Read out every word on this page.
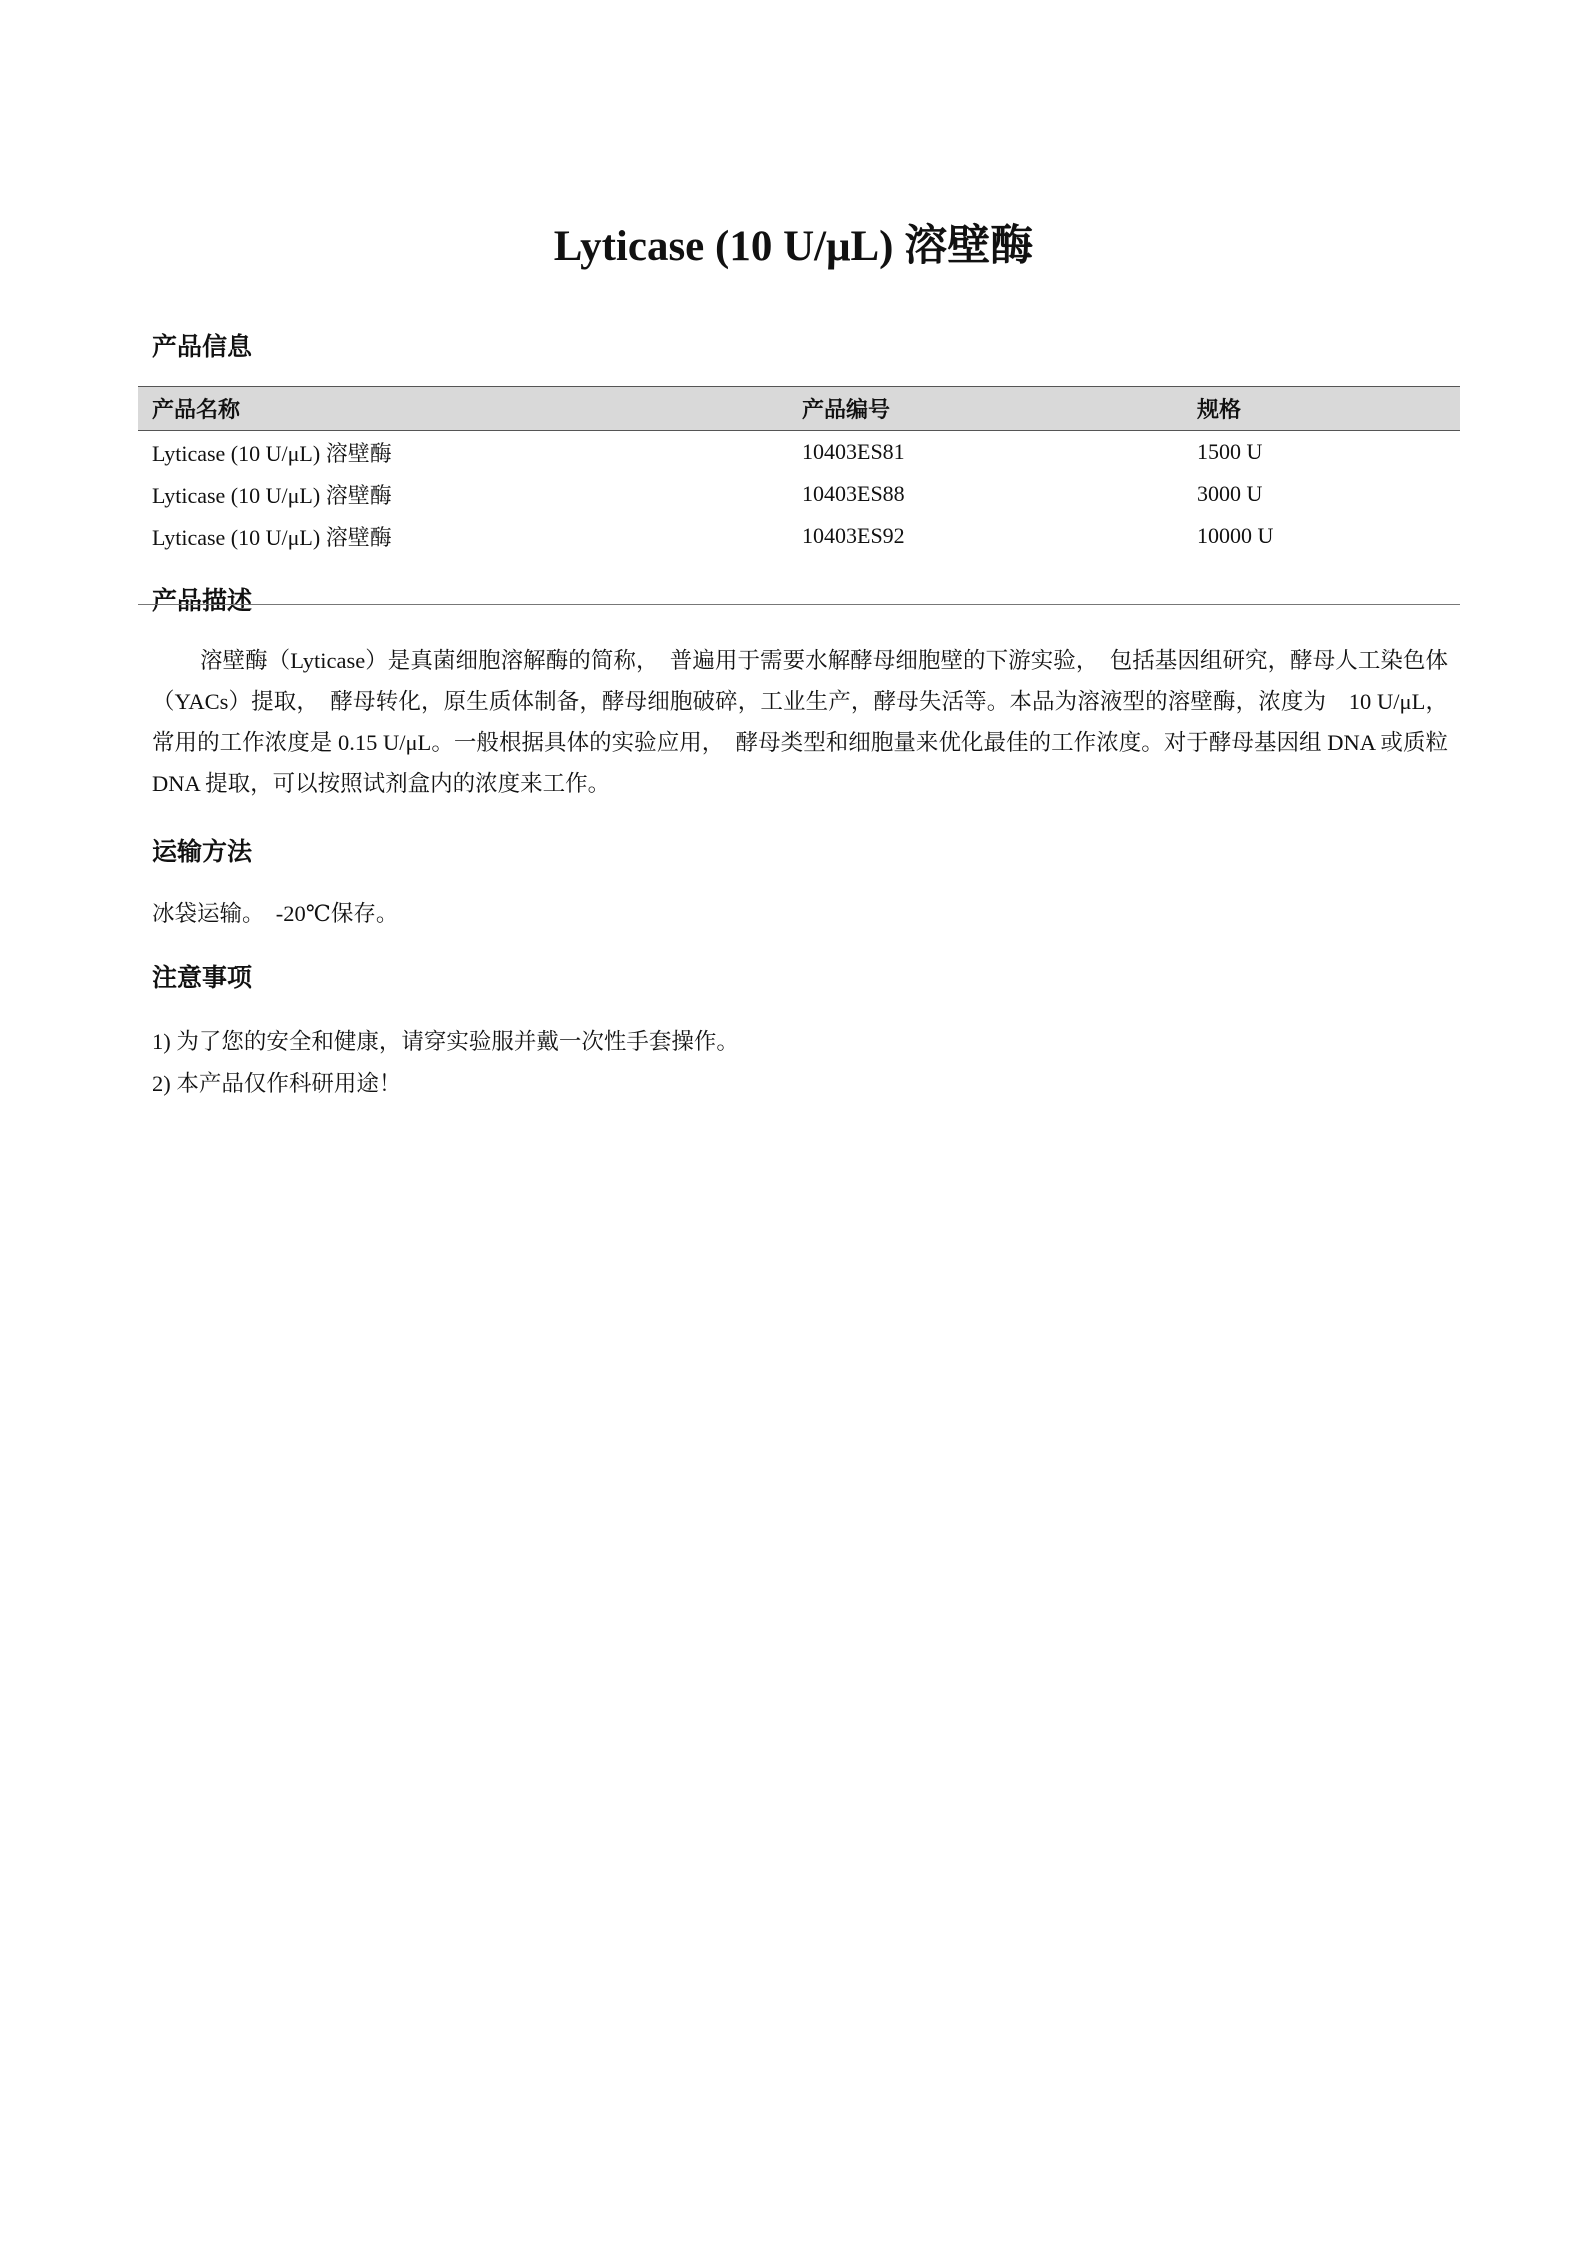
Lyticase (10 U/μL) 溶壁酶
产品信息
产品名称	产品编号	规格
Lyticase (10 U/μL) 溶壁酶	10403ES81	1500 U
Lyticase (10 U/μL) 溶壁酶	10403ES88	3000 U
Lyticase (10 U/μL) 溶壁酶	10403ES92	10000 U
产品描述

溶壁酶（Lyticase）是真菌细胞溶解酶的简称，　普遍用于需要水解酵母细胞壁的下游实验，　包括基因组研究，酵母人工染色体（YACs）提取，　酵母转化，原生质体制备，酵母细胞破碎，工业生产，酵母失活等。本品为溶液型的溶壁酶，浓度为　10 U/μL，常用的工作浓度是 0.15 U/μL。一般根据具体的实验应用，　酵母类型和细胞量来优化最佳的工作浓度。对于酵母基因组 DNA 或质粒 DNA 提取，可以按照试剂盒内的浓度来工作。

运输方法

冰袋运输。　-20℃保存。

注意事项

1) 为了您的安全和健康，请穿实验服并戴一次性手套操作。

2) 本产品仅作科研用途！
